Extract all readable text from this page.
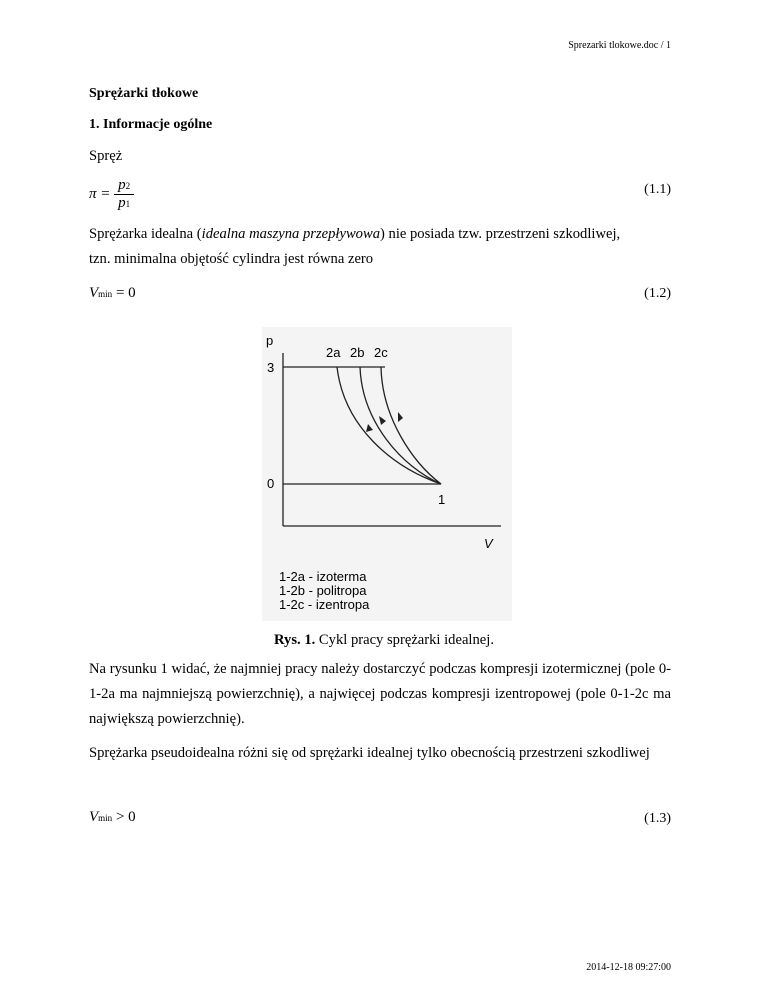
Sprezarki tlokowe.doc / 1
Sprężarki tłokowe
1. Informacje ogólne
Spręż
$\pi = \frac{p2}{p1}$	(1.1)
Sprężarka idealna (idealna maszyna przepływowa) nie posiada tzw. przestrzeni szkodliwej,
tzn. minimalna objętość cylindra jest równa zero
Vmin = 0	(1.2)
p
V
3
0
1
2a 2b 2c
1-2a - izoterma
1-2b - politropa
1-2c - izentropa
Rys. 1. Cykl pracy sprężarki idealnej.
Na rysunku 1 widać, że najmniej pracy należy dostarczyć podczas kompresji izotermicznej (pole 0-1-2a ma najmniejszą powierzchnię), a najwięcej podczas kompresji izentropowej (pole 0-1-2c ma największą powierzchnię).
Sprężarka pseudoidealna różni się od sprężarki idealnej tylko obecnością przestrzeni szkodliwej
Vmin > 0	(1.3)
2014-12-18 09:27:00
